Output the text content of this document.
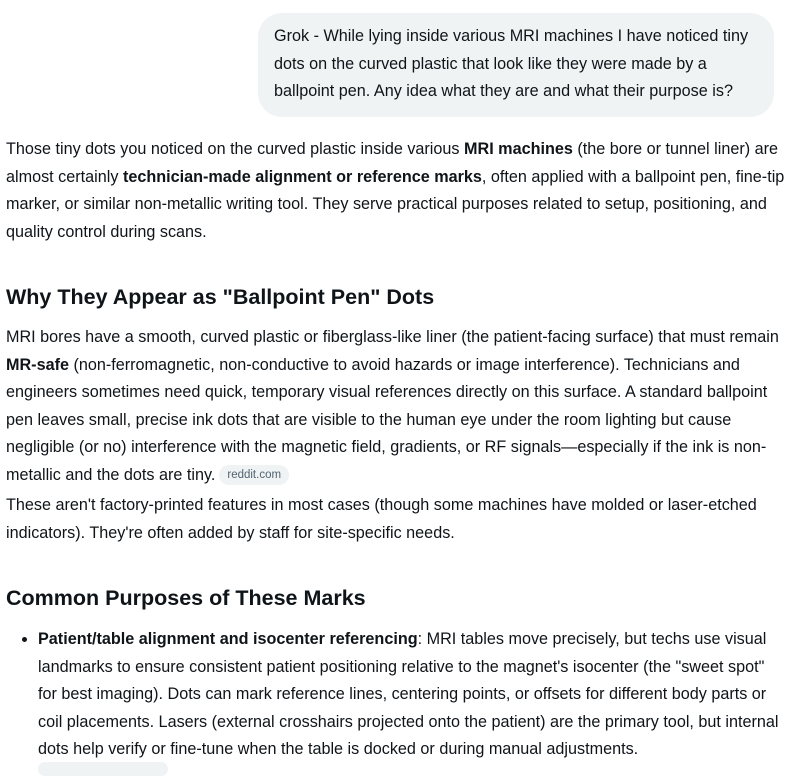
Grok - While lying inside various MRI machines I have noticed tiny dots on the curved plastic that look like they were made by a ballpoint pen. Any idea what they are and what their purpose is?

Those tiny dots you noticed on the curved plastic inside various MRI machines (the bore or tunnel liner) are almost certainly technician-made alignment or reference marks, often applied with a ballpoint pen, fine-tip marker, or similar non-metallic writing tool. They serve practical purposes related to setup, positioning, and quality control during scans.

Why They Appear as "Ballpoint Pen" Dots

MRI bores have a smooth, curved plastic or fiberglass-like liner (the patient-facing surface) that must remain MR-safe (non-ferromagnetic, non-conductive to avoid hazards or image interference). Technicians and engineers sometimes need quick, temporary visual references directly on this surface. A standard ballpoint pen leaves small, precise ink dots that are visible to the human eye under the room lighting but cause negligible (or no) interference with the magnetic field, gradients, or RF signals—especially if the ink is non-metallic and the dots are tiny. reddit.com

These aren't factory-printed features in most cases (though some machines have molded or laser-etched indicators). They're often added by staff for site-specific needs.

Common Purposes of These Marks
• Patient/table alignment and isocenter referencing: MRI tables move precisely, but techs use visual landmarks to ensure consistent patient positioning relative to the magnet's isocenter (the "sweet spot" for best imaging). Dots can mark reference lines, centering points, or offsets for different body parts or coil placements. Lasers (external crosshairs projected onto the patient) are the primary tool, but internal dots help verify or fine-tune when the table is docked or during manual adjustments.
